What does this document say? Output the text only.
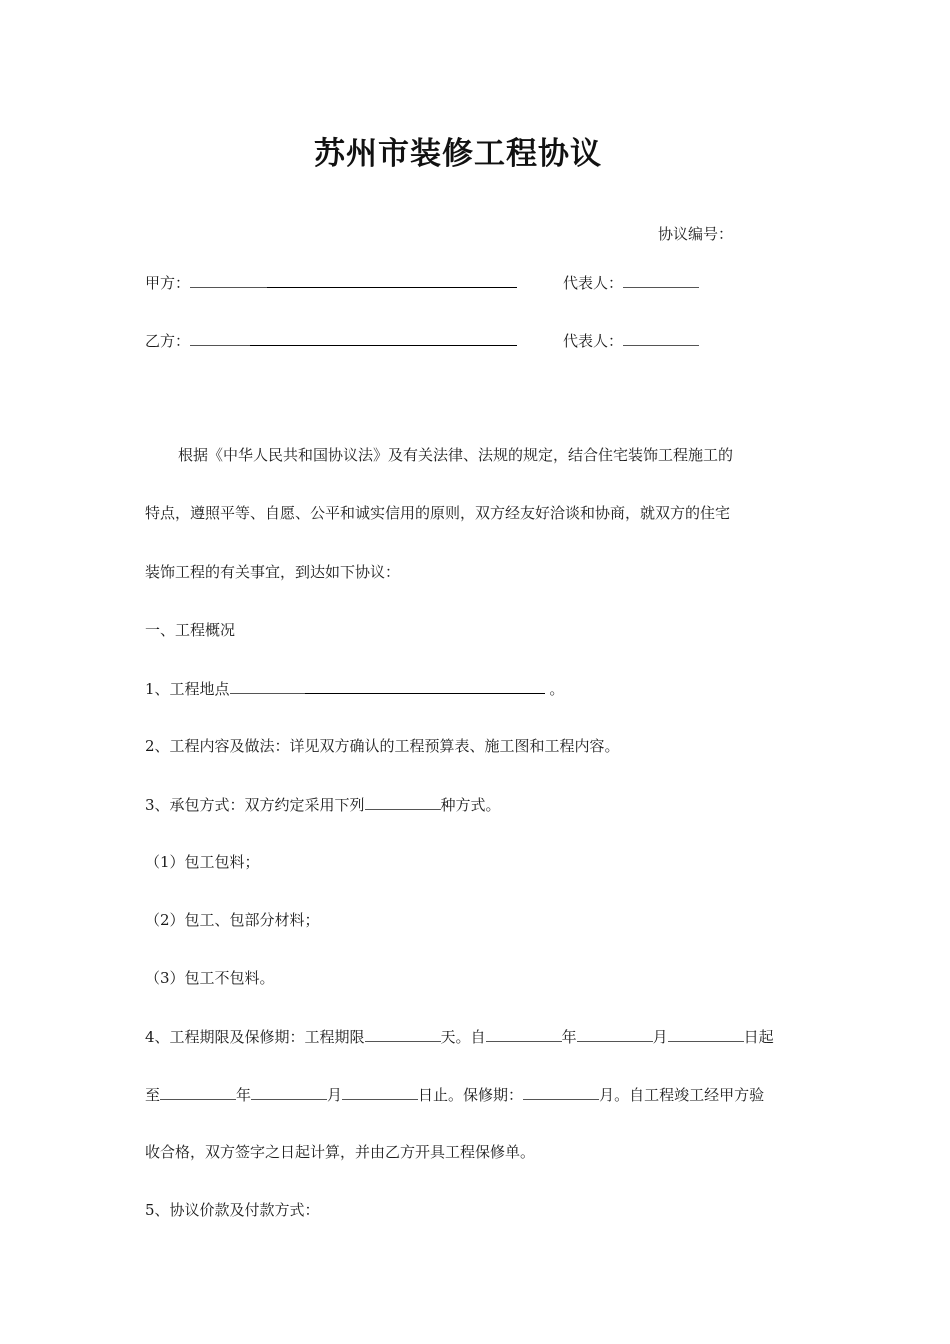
苏州市装修工程协议
协议编号：
甲方：	代表人：
乙方：	代表人：
根据《中华人民共和国协议法》及有关法律、法规的规定，结合住宅装饰工程施工的
特点，遵照平等、自愿、公平和诚实信用的原则，双方经友好洽谈和协商，就双方的住宅
装饰工程的有关事宜，到达如下协议：
一、工程概况
1、工程地点	。
2、工程内容及做法：详见双方确认的工程预算表、施工图和工程内容。
3、承包方式：双方约定采用下列	种方式。
（1）包工包料；
（2）包工、包部分材料；
（3）包工不包料。
4、工程期限及保修期：工程期限	天。自	年	月	日起
至	年	月	日止。保修期：	月。自工程竣工经甲方验
收合格，双方签字之日起计算，并由乙方开具工程保修单。
5、协议价款及付款方式：
